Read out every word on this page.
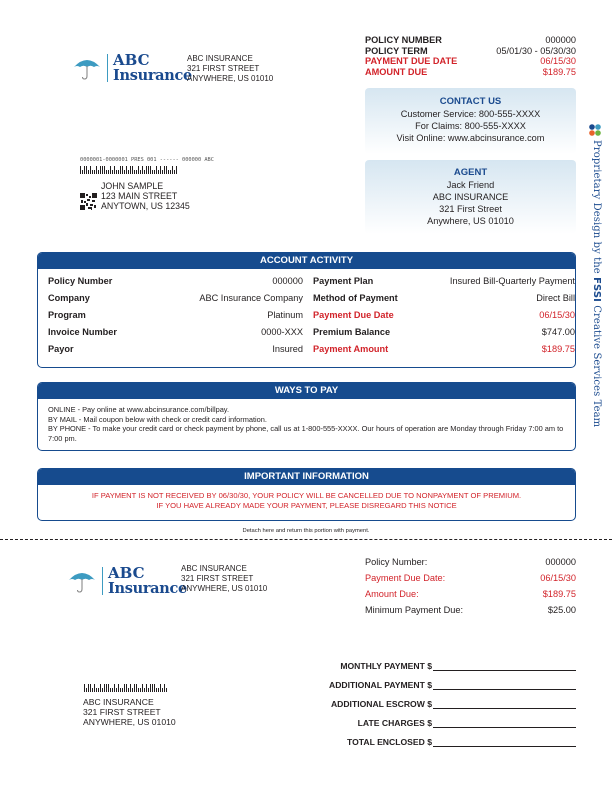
ABC
Insurance
ABC INSURANCE
321 FIRST STREET
ANYWHERE, US 01010
POLICY NUMBER	000000
POLICY TERM	05/01/30 - 05/30/30
PAYMENT DUE DATE	06/15/30
AMOUNT DUE	$189.75
CONTACT US
Customer Service: 800-555-XXXX
For Claims: 800-555-XXXX
Visit Online: www.abcinsurance.com
AGENT
Jack Friend
ABC INSURANCE
321 First Street
Anywhere, US 01010
0000001-0000001 PRES 001 ------ 000000 ABC
JOHN SAMPLE
123 MAIN STREET
ANYTOWN, US 12345	Proprietary Design by the FSSI Creative Services Team
ACCOUNT ACTIVITY
Policy Number	000000
Company	ABC Insurance Company
Program	Platinum
Invoice Number	0000-XXX
Payor	Insured
Payment Plan	Insured Bill-Quarterly Payment
Method of Payment	Direct Bill
Payment Due Date	06/15/30
Premium Balance	$747.00
Payment Amount	$189.75
WAYS TO PAY
ONLINE - Pay online at www.abcinsurance.com/billpay.
BY MAIL - Mail coupon below with check or credit card information.
BY PHONE - To make your credit card or check payment by phone, call us at 1-800-555-XXXX. Our hours of operation are Monday through Friday 7:00 am to 7:00 pm.
IMPORTANT INFORMATION
IF PAYMENT IS NOT RECEIVED BY 06/30/30, YOUR POLICY WILL BE CANCELLED DUE TO NONPAYMENT OF PREMIUM.
IF YOU HAVE ALREADY MADE YOUR PAYMENT, PLEASE DISREGARD THIS NOTICE
Detach here and return this portion with payment.
ABC
Insurance
ABC INSURANCE
321 FIRST STREET
ANYWHERE, US 01010
Policy Number:	000000
Payment Due Date:	06/15/30
Amount Due:	$189.75
Minimum Payment Due:	$25.00
MONTHLY PAYMENT $
ADDITIONAL PAYMENT $
ADDITIONAL ESCROW $
LATE CHARGES $
TOTAL ENCLOSED $
ABC INSURANCE
321 FIRST STREET
ANYWHERE, US 01010
